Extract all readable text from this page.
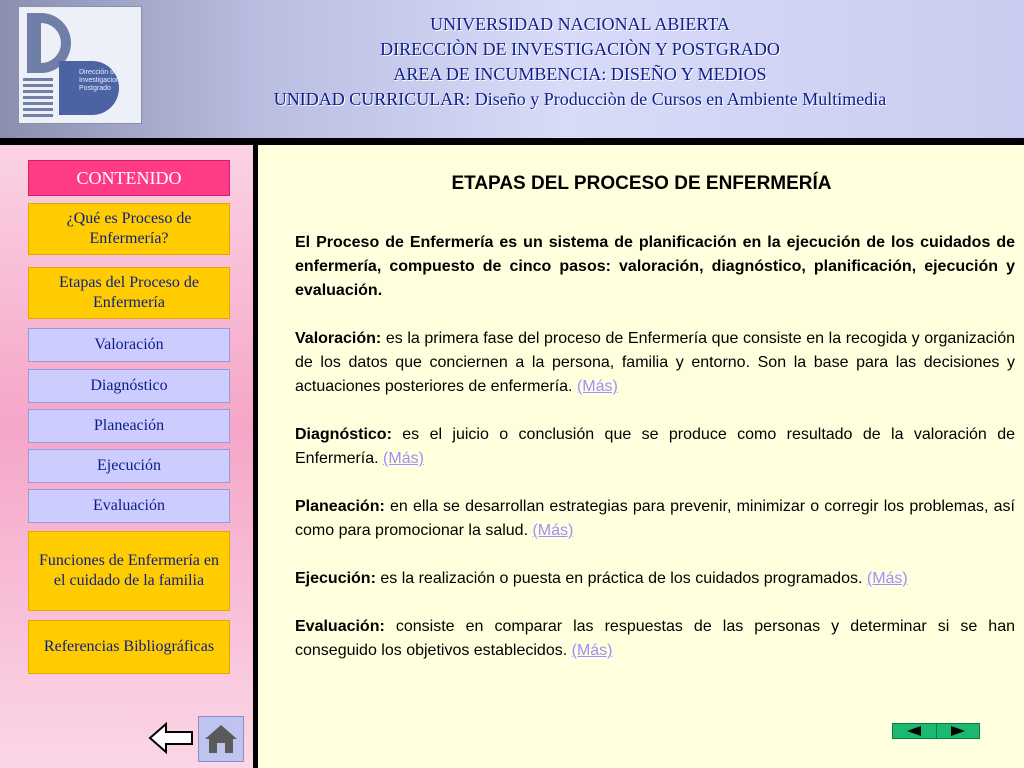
Dirección de Investigaciones y Postgrado
UNIVERSIDAD NACIONAL ABIERTA
DIRECCIÒN DE INVESTIGACIÒN Y POSTGRADO
AREA DE INCUMBENCIA: DISEÑO Y MEDIOS
UNIDAD CURRICULAR: Diseño y Producciòn de Cursos en Ambiente Multimedia
CONTENIDO
¿Qué es Proceso de Enfermería?
Etapas del Proceso de Enfermería
Valoración
Diagnóstico
Planeación
Ejecución
Evaluación
Funciones de Enfermería en el cuidado de la familia
Referencias Bibliográficas
ETAPAS DEL PROCESO DE ENFERMERÍA

El Proceso de Enfermería es un sistema de planificación en la ejecución de los cuidados de enfermería, compuesto de cinco pasos: valoración, diagnóstico, planificación, ejecución y evaluación.

Valoración: es la primera fase del proceso de Enfermería que consiste en la recogida y organización de los datos que conciernen a la persona, familia y entorno. Son la base para las decisiones y actuaciones posteriores de enfermería. (Más)

Diagnóstico: es el juicio o conclusión que se produce como resultado de la valoración de Enfermería. (Más)

Planeación: en ella se desarrollan estrategias para prevenir, minimizar o corregir los problemas, así como para promocionar la salud. (Más)

Ejecución: es la realización o puesta en práctica de los cuidados programados. (Más)

Evaluación: consiste en comparar las respuestas de las personas y determinar si se han conseguido los objetivos establecidos. (Más)
